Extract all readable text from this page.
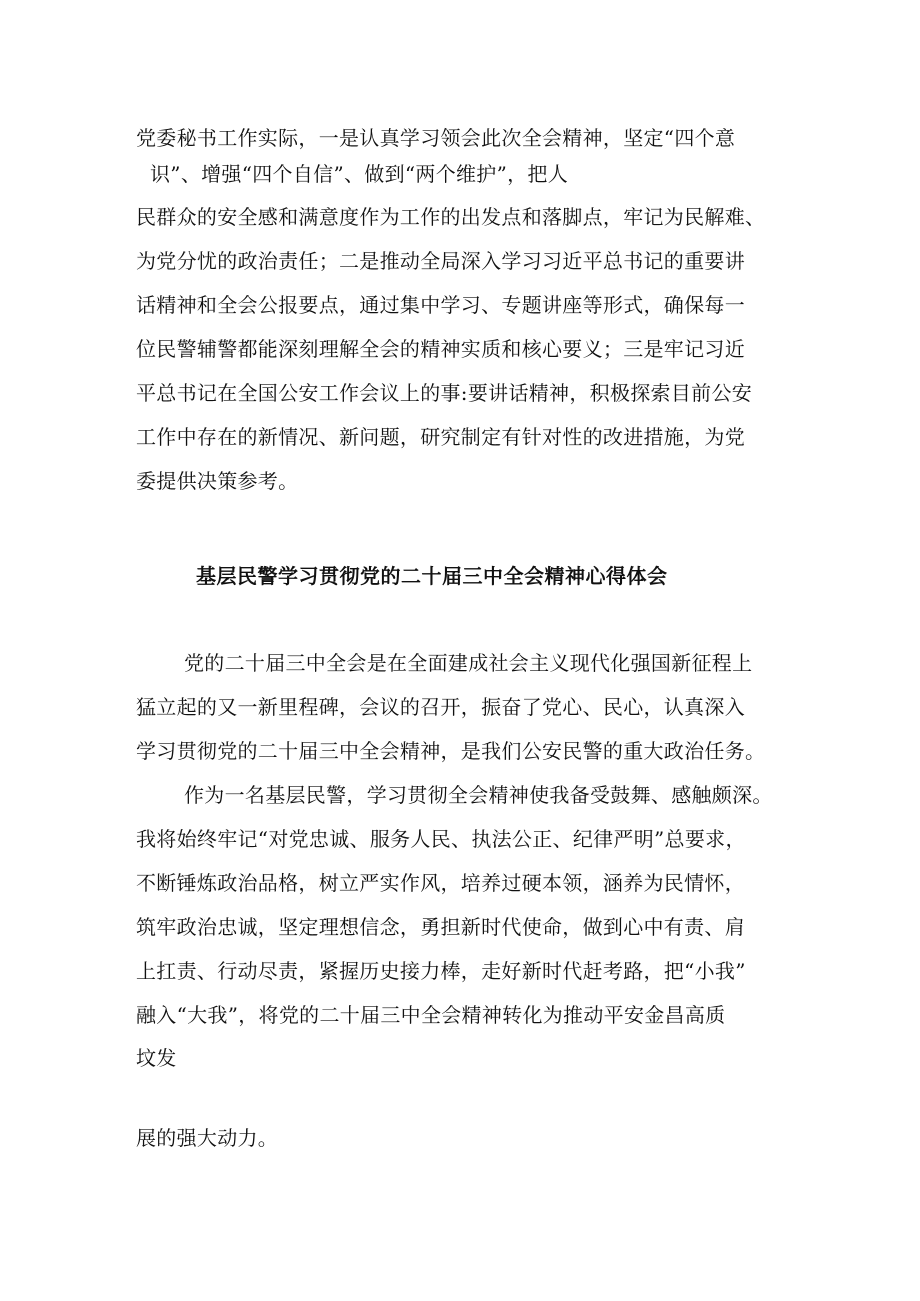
党委秘书工作实际，一是认真学习领会此次全会精神，坚定“四个意
识”、增强“四个自信”、做到“两个维护”，把人
民群众的安全感和满意度作为工作的出发点和落脚点，牢记为民解难、
为党分忧的政治责任；二是推动全局深入学习习近平总书记的重要讲
话精神和全会公报要点，通过集中学习、专题讲座等形式，确保每一
位民警辅警都能深刻理解全会的精神实质和核心要义；三是牢记习近
平总书记在全国公安工作会议上的事:要讲话精神，积极探索目前公安
工作中存在的新情况、新问题，研究制定有针对性的改进措施，为党
委提供决策参考。
基层民警学习贯彻党的二十届三中全会精神心得体会
党的二十届三中全会是在全面建成社会主义现代化强国新征程上
猛立起的又一新里程碑，会议的召开，振奋了党心、民心，认真深入
学习贯彻党的二十届三中全会精神，是我们公安民警的重大政治任务。
作为一名基层民警，学习贯彻全会精神使我备受鼓舞、感触颇深。
我将始终牢记“对党忠诚、服务人民、执法公正、纪律严明”总要求，
不断锤炼政治品格，树立严实作风，培养过硬本领，涵养为民情怀，
筑牢政治忠诚，坚定理想信念，勇担新时代使命，做到心中有责、肩
上扛责、行动尽责，紧握历史接力棒，走好新时代赶考路，把“小我”
融入“大我”，将党的二十届三中全会精神转化为推动平安金昌高质
坟发
展的强大动力。
